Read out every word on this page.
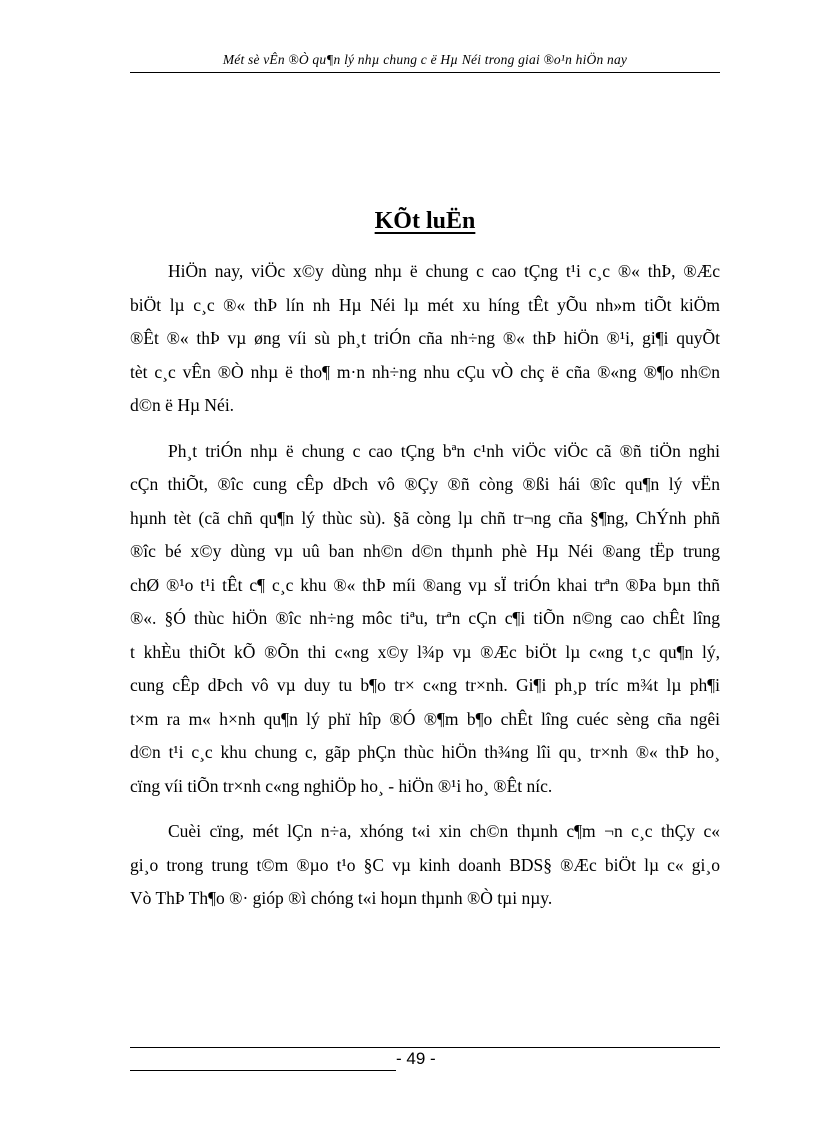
Mét sè vÊn ®Ò qu¶n lý nhµ chung c ë Hµ Néi trong giai ®o¹n hiÖn nay
KÕt luËn
HiÖn nay, viÖc x©y dùng nhµ ë chung c cao tÇng t¹i c¸c ®« thÞ, ®Æc
biÖt lµ c¸c ®« thÞ lín nh Hµ Néi lµ mét xu híng tÊt yÕu nh»m tiÕt kiÖm
®Êt ®« thÞ vµ øng víi sù ph¸t triÓn cña nh÷ng ®« thÞ hiÖn ®¹i, gi¶i quyÕt
tèt c¸c vÊn ®Ò nhµ ë tho¶ m·n nh÷ng nhu cÇu vÒ chç ë cña ®«ng ®¶o nh©n
d©n ë Hµ Néi.
Ph¸t triÓn nhµ ë chung c cao tÇng bªn c¹nh viÖc viÖc cã ®ñ tiÖn nghi
cÇn thiÕt, ®îc cung cÊp dÞch vô ®Çy ®ñ còng ®ßi hái ®îc qu¶n lý vËn
hµnh tèt (cã chñ qu¶n lý thùc sù). §ã còng lµ chñ tr¬ng cña §¶ng, ChÝnh phñ
®îc bé x©y dùng vµ uû ban nh©n d©n thµnh phè Hµ Néi ®ang tËp trung
chØ ®¹o t¹i tÊt c¶ c¸c khu ®« thÞ míi ®ang vµ sÏ triÓn khai trªn ®Þa bµn thñ
®«. §Ó thùc hiÖn ®îc nh÷ng môc tiªu, trªn cÇn c¶i tiÕn n©ng cao chÊt lîng
t khÈu thiÕt kÕ ®Õn thi c«ng x©y l¾p vµ ®Æc biÖt lµ c«ng t¸c qu¶n lý,
cung cÊp dÞch vô vµ duy tu b¶o tr× c«ng tr×nh. Gi¶i ph¸p tríc m¾t lµ ph¶i
t×m ra m« h×nh qu¶n lý phï hîp ®Ó ®¶m b¶o chÊt lîng cuéc sèng cña ngêi
d©n t¹i c¸c khu chung c, gãp phÇn thùc hiÖn th¾ng lîi qu¸ tr×nh ®« thÞ ho¸
cïng víi tiÕn tr×nh c«ng nghiÖp ho¸ - hiÖn ®¹i ho¸ ®Êt níc.
Cuèi cïng, mét lÇn n÷a, xhóng t«i xin ch©n thµnh c¶m ¬n c¸c thÇy c«
gi¸o trong trung t©m ®µo t¹o §C vµ kinh doanh BDS§ ®Æc biÖt lµ c« gi¸o
Vò ThÞ Th¶o ®· gióp ®ì chóng t«i hoµn thµnh ®Ò tµi nµy.
- 49 -
